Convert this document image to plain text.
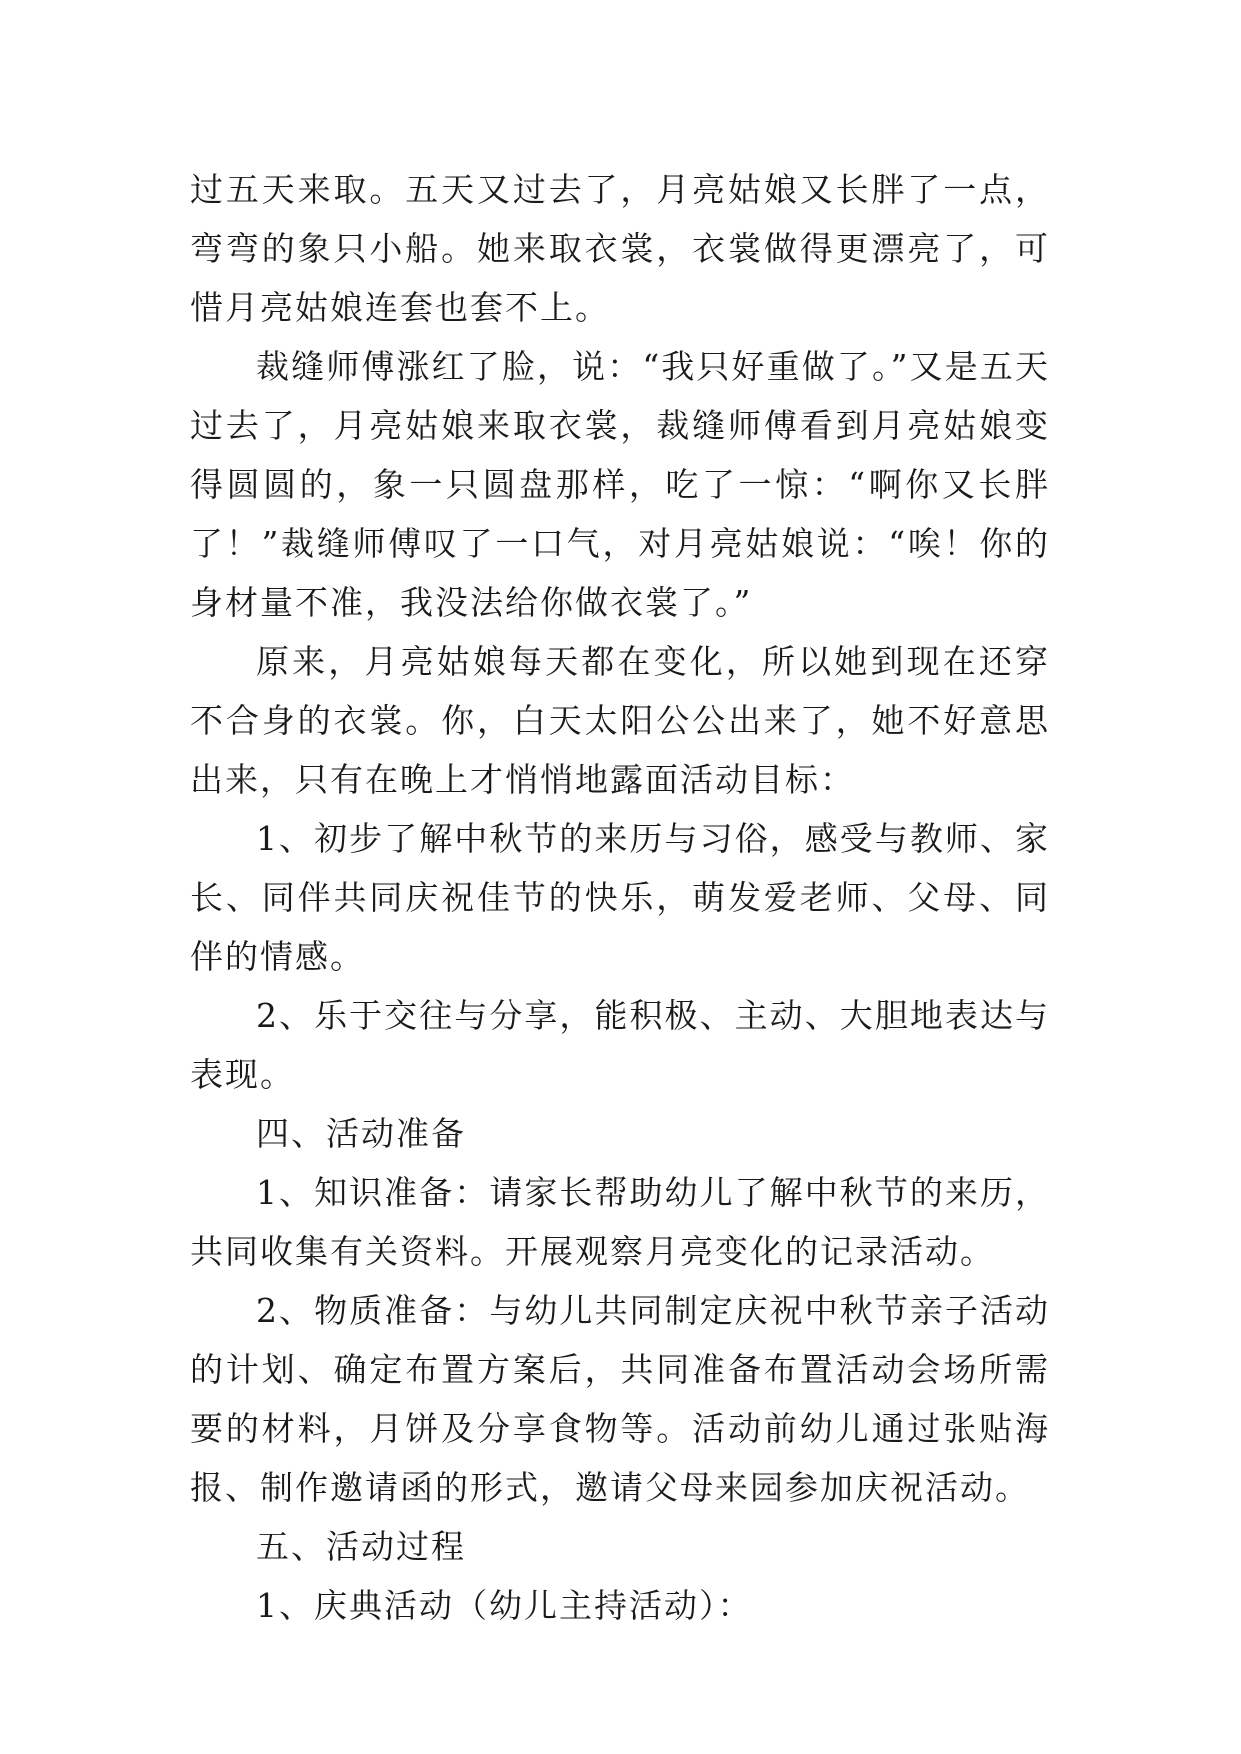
过五天来取。五天又过去了，月亮姑娘又长胖了一点，弯弯的象只小船。她来取衣裳，衣裳做得更漂亮了，可惜月亮姑娘连套也套不上。

裁缝师傅涨红了脸，说：“我只好重做了。”又是五天过去了，月亮姑娘来取衣裳，裁缝师傅看到月亮姑娘变得圆圆的，象一只圆盘那样，吃了一惊：“啊你又长胖了！”裁缝师傅叹了一口气，对月亮姑娘说：“唉！你的身材量不准，我没法给你做衣裳了。”

原来，月亮姑娘每天都在变化，所以她到现在还穿不合身的衣裳。你，白天太阳公公出来了，她不好意思出来，只有在晚上才悄悄地露面活动目标：

1、初步了解中秋节的来历与习俗，感受与教师、家长、同伴共同庆祝佳节的快乐，萌发爱老师、父母、同伴的情感。

2、乐于交往与分享，能积极、主动、大胆地表达与表现。

四、活动准备

1、知识准备：请家长帮助幼儿了解中秋节的来历，共同收集有关资料。开展观察月亮变化的记录活动。

2、物质准备：与幼儿共同制定庆祝中秋节亲子活动的计划、确定布置方案后，共同准备布置活动会场所需要的材料，月饼及分享食物等。活动前幼儿通过张贴海报、制作邀请函的形式，邀请父母来园参加庆祝活动。

五、活动过程

1、庆典活动（幼儿主持活动）：
